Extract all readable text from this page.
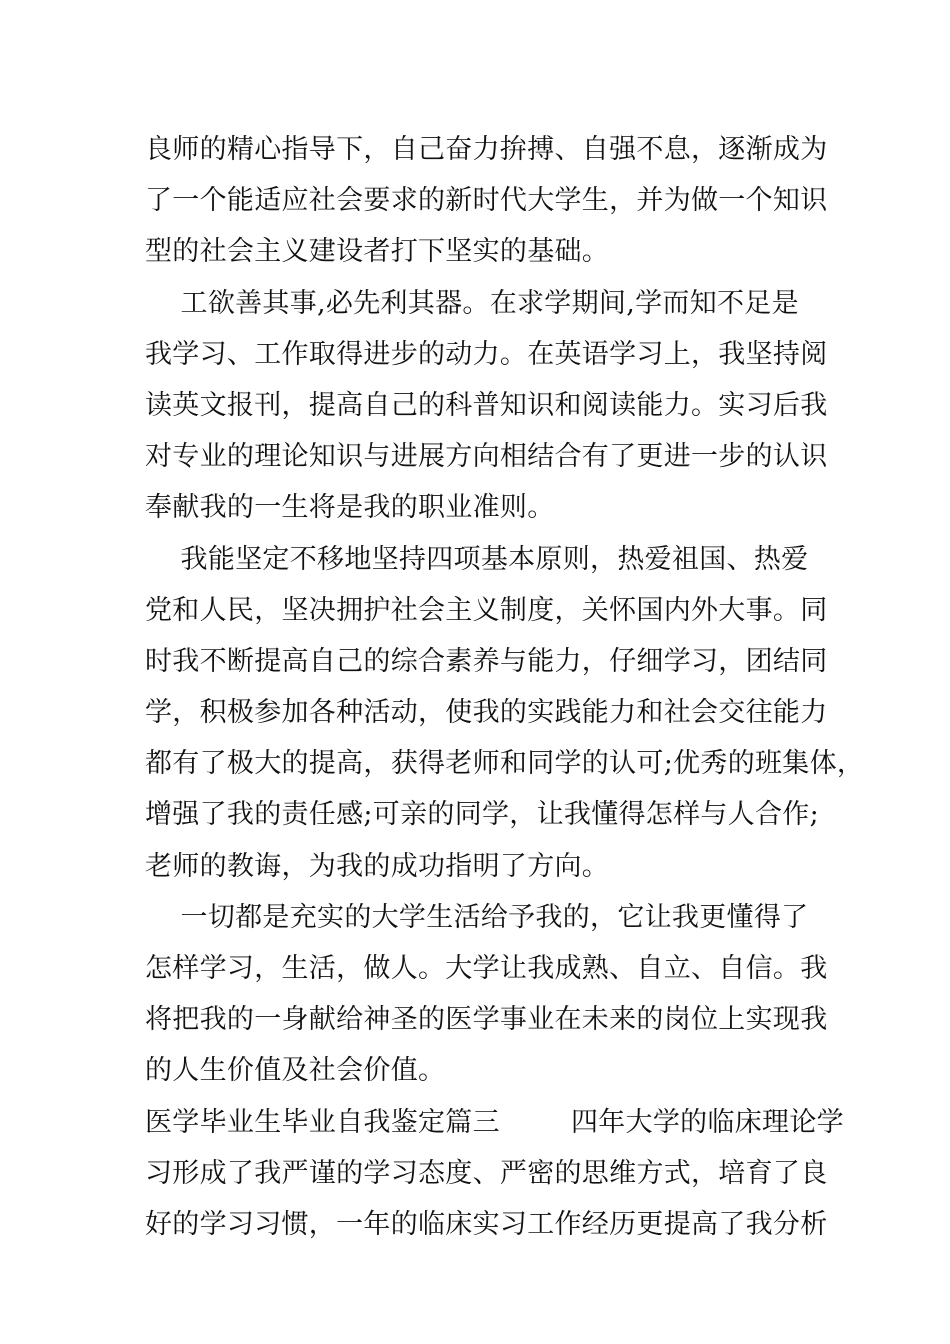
良师的精心指导下，自己奋力拚搏、自强不息，逐渐成为
了一个能适应社会要求的新时代大学生，并为做一个知识
型的社会主义建设者打下坚实的基础。
工欲善其事,必先利其器。在求学期间,学而知不足是
我学习、工作取得进步的动力。在英语学习上，我坚持阅
读英文报刊，提高自己的科普知识和阅读能力。实习后我
对专业的理论知识与进展方向相结合有了更进一步的认识
奉献我的一生将是我的职业准则。
我能坚定不移地坚持四项基本原则，热爱祖国、热爱
党和人民，坚决拥护社会主义制度，关怀国内外大事。同
时我不断提高自己的综合素养与能力，仔细学习，团结同
学，积极参加各种活动，使我的实践能力和社会交往能力
都有了极大的提高，获得老师和同学的认可;优秀的班集体，
增强了我的责任感;可亲的同学，让我懂得怎样与人合作;
老师的教诲，为我的成功指明了方向。
一切都是充实的大学生活给予我的，它让我更懂得了
怎样学习，生活，做人。大学让我成熟、自立、自信。我
将把我的一身献给神圣的医学事业在未来的岗位上实现我
的人生价值及社会价值。
医学毕业生毕业自我鉴定篇三        四年大学的临床理论学
习形成了我严谨的学习态度、严密的思维方式，培育了良
好的学习习惯，一年的临床实习工作经历更提高了我分析
